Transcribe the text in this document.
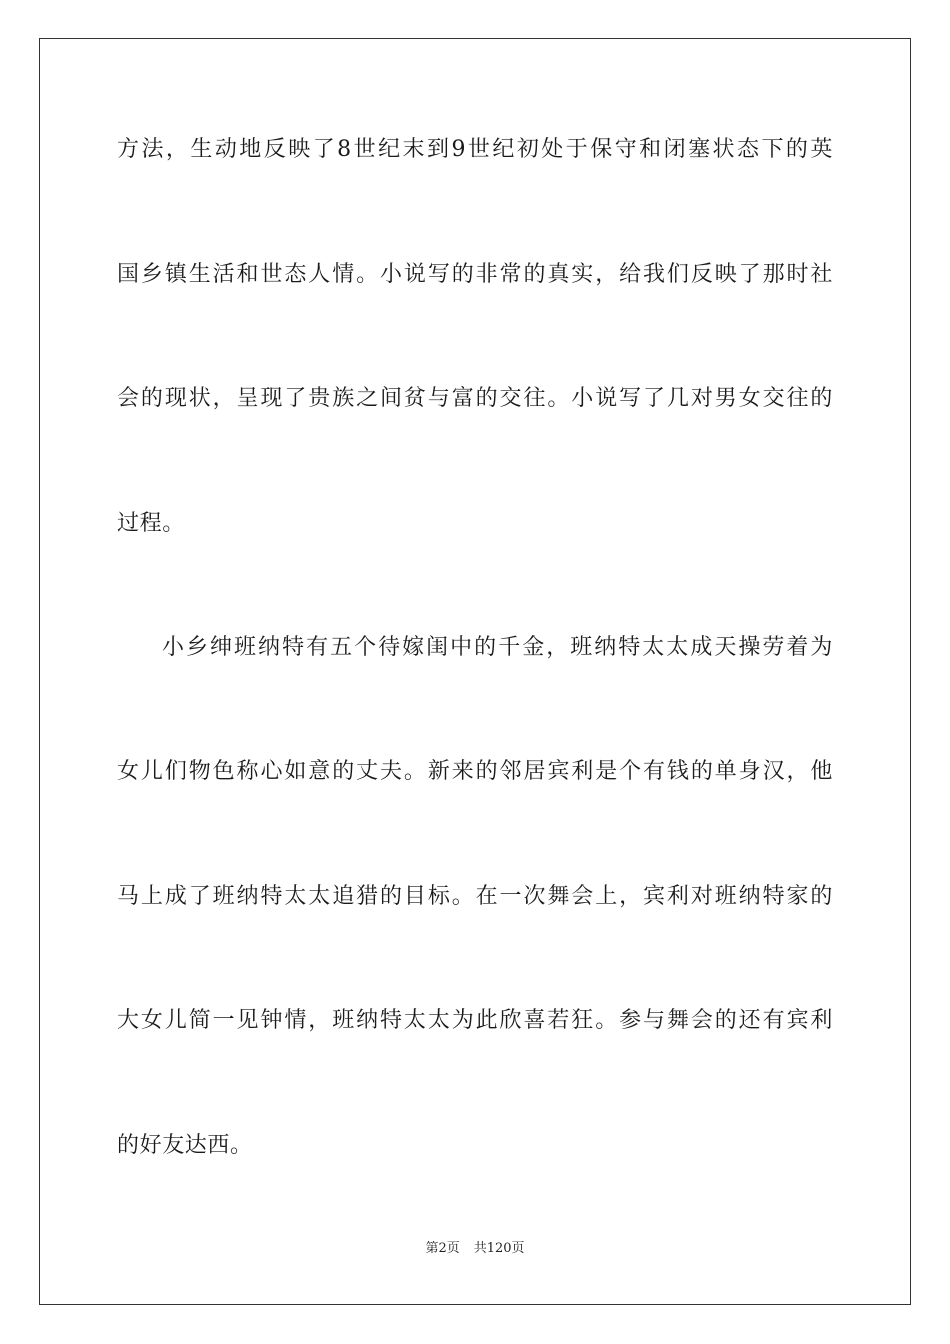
方法，生动地反映了8世纪末到9世纪初处于保守和闭塞状态下的英
国乡镇生活和世态人情。小说写的非常的真实，给我们反映了那时社
会的现状，呈现了贵族之间贫与富的交往。小说写了几对男女交往的
过程。
小乡绅班纳特有五个待嫁闺中的千金，班纳特太太成天操劳着为
女儿们物色称心如意的丈夫。新来的邻居宾利是个有钱的单身汉，他
马上成了班纳特太太追猎的目标。在一次舞会上，宾利对班纳特家的
大女儿简一见钟情，班纳特太太为此欣喜若狂。参与舞会的还有宾利
的好友达西。
第2页 共120页
